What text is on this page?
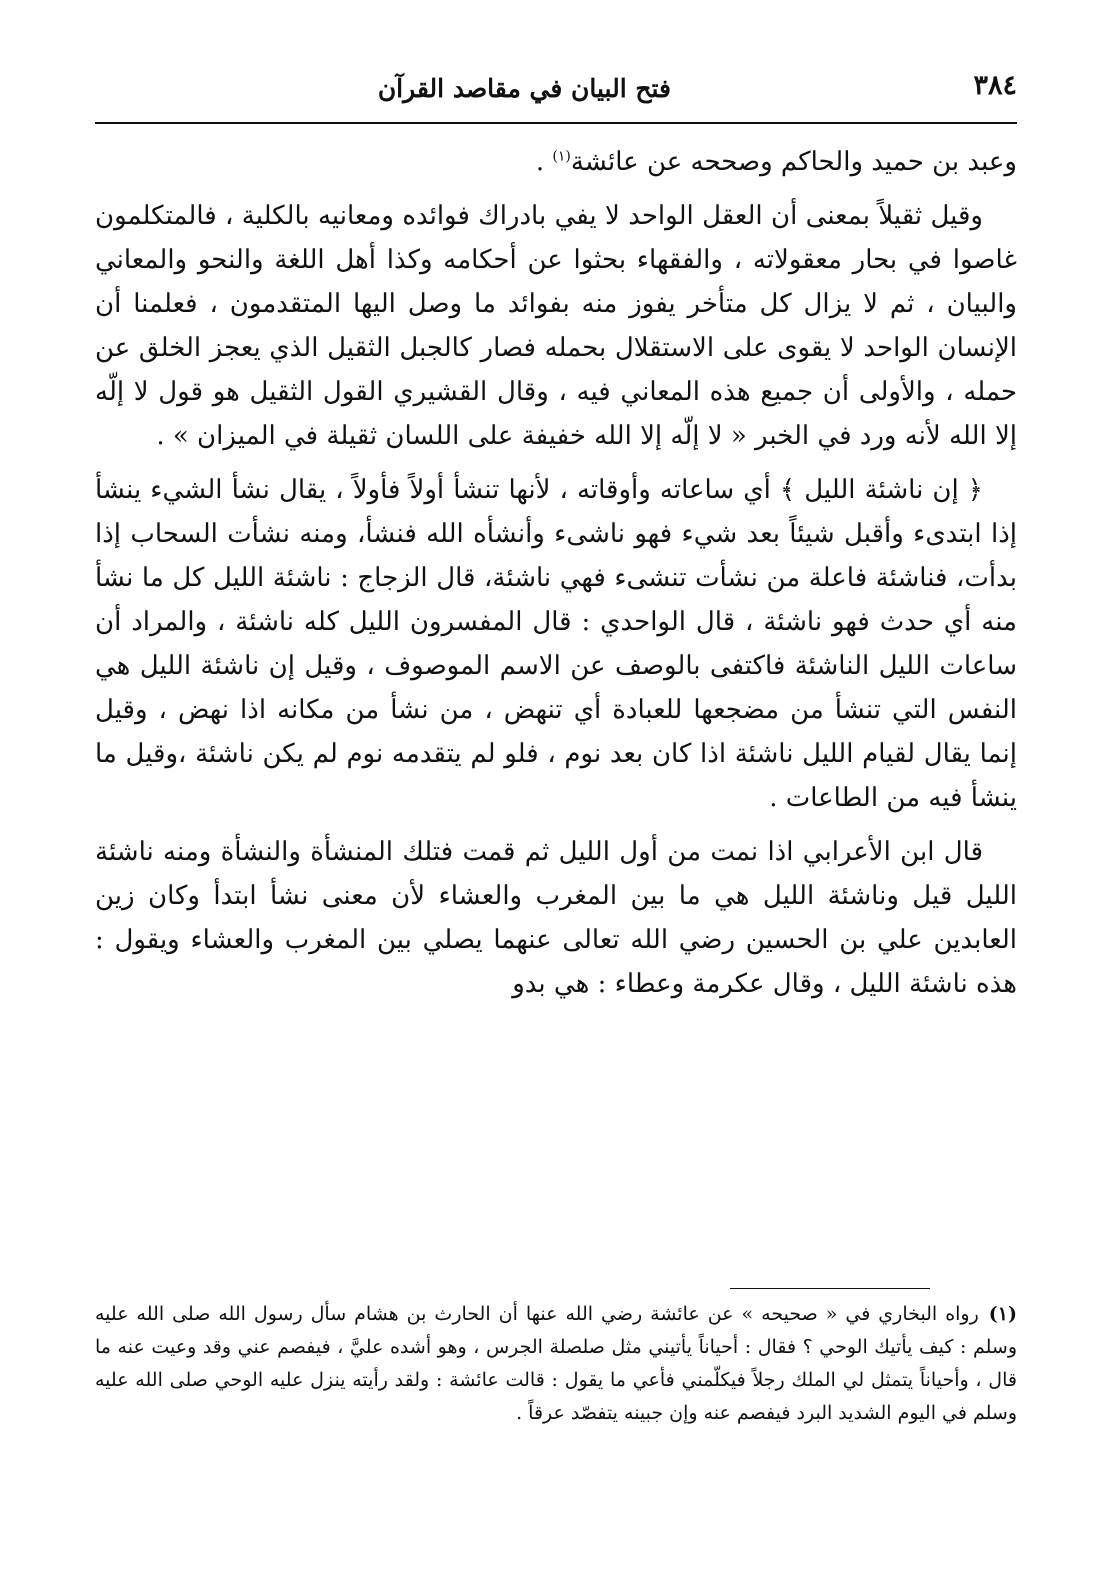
٣٨٤
فتح البيان في مقاصد القرآن

وعبد بن حميد والحاكم وصححه عن عائشة$^{(١)}$ .

وقيل ثقيلاً بمعنى أن العقل الواحد لا يفي بادراك فوائده ومعانيه بالكلية ، فالمتكلمون غاصوا في بحار معقولاته ، والفقهاء بحثوا عن أحكامه وكذا أهل اللغة والنحو والمعاني والبيان ، ثم لا يزال كل متأخر يفوز منه بفوائد ما وصل اليها المتقدمون ، فعلمنا أن الإنسان الواحد لا يقوى على الاستقلال بحمله فصار كالجبل الثقيل الذي يعجز الخلق عن حمله ، والأولى أن جميع هذه المعاني فيه ، وقال القشيري القول الثقيل هو قول لا إلّه إلا الله لأنه ورد في الخبر « لا إلّه إلا الله خفيفة على اللسان ثقيلة في الميزان » .

﴿ إن ناشئة الليل ﴾ أي ساعاته وأوقاته ، لأنها تنشأ أولاً فأولاً ، يقال نشأ الشيء ينشأ إذا ابتدىء وأقبل شيئاً بعد شيء فهو ناشىء وأنشأه الله فنشأ، ومنه نشأت السحاب إذا بدأت، فناشئة فاعلة من نشأت تنشىء فهي ناشئة، قال الزجاج : ناشئة الليل كل ما نشأ منه أي حدث فهو ناشئة ، قال الواحدي : قال المفسرون الليل كله ناشئة ، والمراد أن ساعات الليل الناشئة فاكتفى بالوصف عن الاسم الموصوف ، وقيل إن ناشئة الليل هي النفس التي تنشأ من مضجعها للعبادة أي تنهض ، من نشأ من مكانه اذا نهض ، وقيل إنما يقال لقيام الليل ناشئة اذا كان بعد نوم ، فلو لم يتقدمه نوم لم يكن ناشئة ،وقيل ما ينشأ فيه من الطاعات .

قال ابن الأعرابي اذا نمت من أول الليل ثم قمت فتلك المنشأة والنشأة ومنه ناشئة الليل قيل وناشئة الليل هي ما بين المغرب والعشاء لأن معنى نشأ ابتدأ وكان زين العابدين علي بن الحسين رضي الله تعالى عنهما يصلي بين المغرب والعشاء ويقول : هذه ناشئة الليل ، وقال عكرمة وعطاء : هي بدو

(١)رواه البخاري في « صحيحه » عن عائشة رضي الله عنها أن الحارث بن هشام سأل رسول الله صلى الله عليه وسلم : كيف يأتيك الوحي ؟ فقال : أحياناً يأتيني مثل صلصلة الجرس ، وهو أشده عليَّ ، فيفصم عني وقد وعيت عنه ما قال ، وأحياناً يتمثل لي الملك رجلاً فيكلّمني فأعي ما يقول : قالت عائشة : ولقد رأيته ينزل عليه الوحي صلى الله عليه وسلم في اليوم الشديد البرد فيفصم عنه وإن جبينه يتفصّد عرقاً .
